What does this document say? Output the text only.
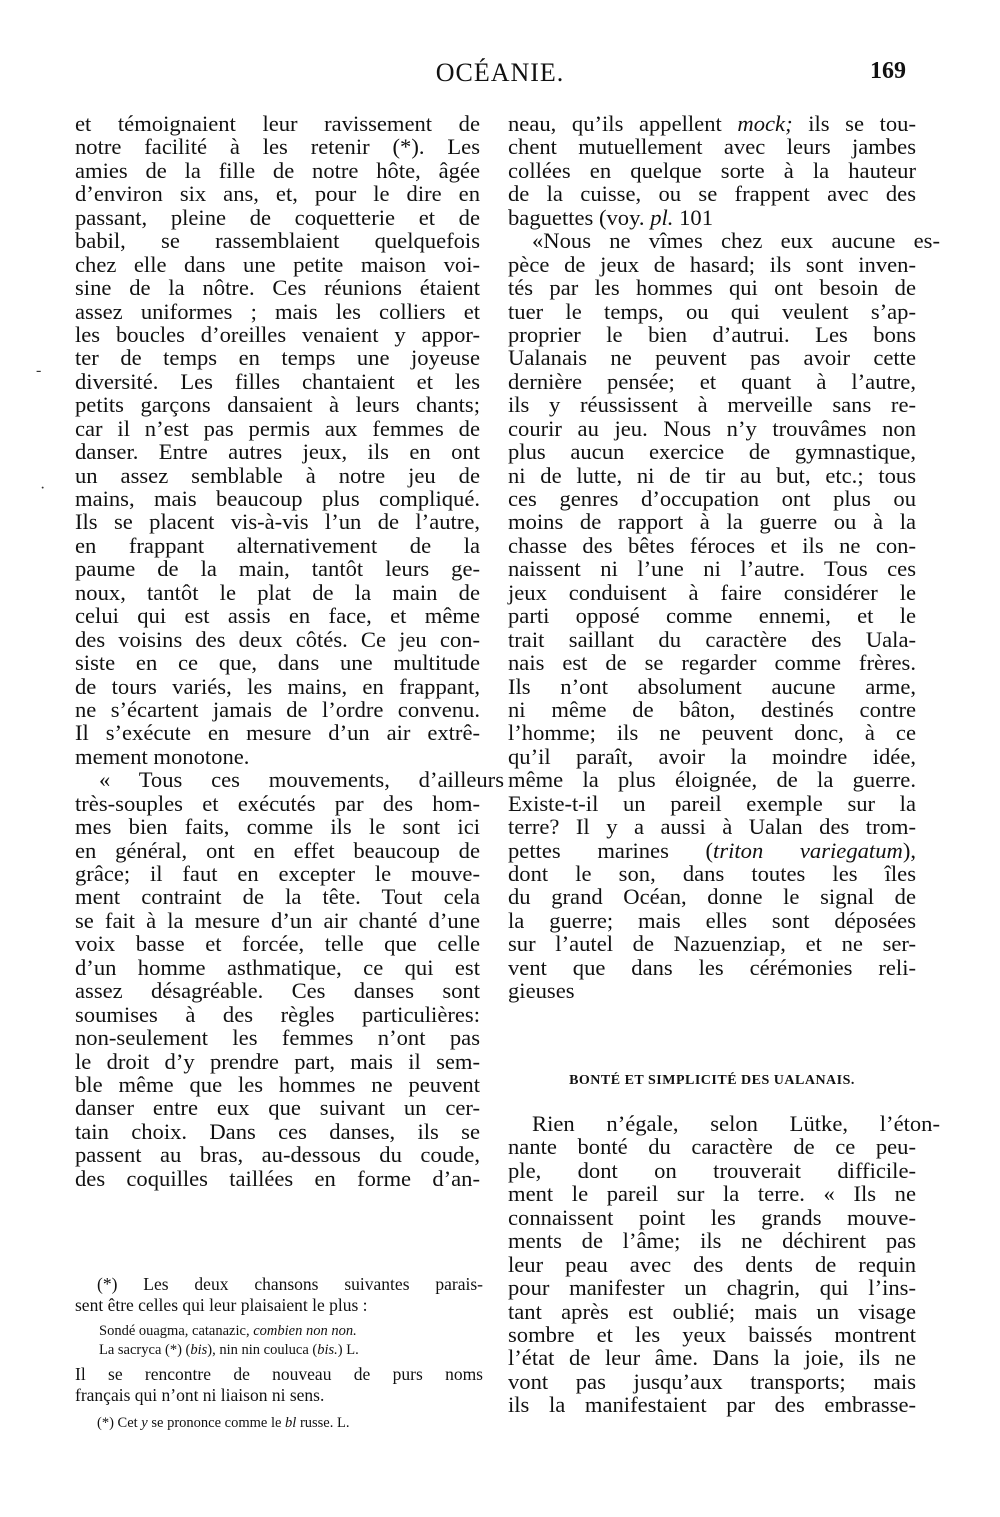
OCÉANIE.	169
-
·
et témoignaient leur ravissement de
notre facilité à les retenir (*). Les
amies de la fille de notre hôte, âgée
d’environ six ans, et, pour le dire en
passant, pleine de coquetterie et de
babil, se rassemblaient quelquefois
chez elle dans une petite maison voi-
sine de la nôtre. Ces réunions étaient
assez uniformes ; mais les colliers et
les boucles d’oreilles venaient y appor-
ter de temps en temps une joyeuse
diversité. Les filles chantaient et les
petits garçons dansaient à leurs chants;
car il n’est pas permis aux femmes de
danser. Entre autres jeux, ils en ont
un assez semblable à notre jeu de
mains, mais beaucoup plus compliqué.
Ils se placent vis-à-vis l’un de l’autre,
en frappant alternativement de la
paume de la main, tantôt leurs ge-
noux, tantôt le plat de la main de
celui qui est assis en face, et même
des voisins des deux côtés. Ce jeu con-
siste en ce que, dans une multitude
de tours variés, les mains, en frappant,
ne s’écartent jamais de l’ordre convenu.
Il s’exécute en mesure d’un air extrê-
mement monotone.
« Tous ces mouvements, d’ailleurs
très-souples et exécutés par des hom-
mes bien faits, comme ils le sont ici
en général, ont en effet beaucoup de
grâce; il faut en excepter le mouve-
ment contraint de la tête. Tout cela
se fait à la mesure d’un air chanté d’une
voix basse et forcée, telle que celle
d’un homme asthmatique, ce qui est
assez désagréable. Ces danses sont
soumises à des règles particulières:
non-seulement les femmes n’ont pas
le droit d’y prendre part, mais il sem-
ble même que les hommes ne peuvent
danser entre eux que suivant un cer-
tain choix. Dans ces danses, ils se
passent au bras, au-dessous du coude,
des coquilles taillées en forme d’an-
(*) Les deux chansons suivantes parais-
sent être celles qui leur plaisaient le plus :
Sondé ouagma, catanazic, combien non non.
La sacryca (*) (bis), nin nin couluca (bis.) L.
Il se rencontre de nouveau de purs noms
français qui n’ont ni liaison ni sens.
(*) Cet y se prononce comme le bl russe. L.
neau, qu’ils appellent mock; ils se tou-
chent mutuellement avec leurs jambes
collées en quelque sorte à la hauteur
de la cuisse, ou se frappent avec des
baguettes (voy. pl. 101
«Nous ne vîmes chez eux aucune es-
pèce de jeux de hasard; ils sont inven-
tés par les hommes qui ont besoin de
tuer le temps, ou qui veulent s’ap-
proprier le bien d’autrui. Les bons
Ualanais ne peuvent pas avoir cette
dernière pensée; et quant à l’autre,
ils y réussissent à merveille sans re-
courir au jeu. Nous n’y trouvâmes non
plus aucun exercice de gymnastique,
ni de lutte, ni de tir au but, etc.; tous
ces genres d’occupation ont plus ou
moins de rapport à la guerre ou à la
chasse des bêtes féroces et ils ne con-
naissent ni l’une ni l’autre. Tous ces
jeux conduisent à faire considérer le
parti opposé comme ennemi, et le
trait saillant du caractère des Uala-
nais est de se regarder comme frères.
Ils n’ont absolument aucune arme,
ni même de bâton, destinés contre
l’homme; ils ne peuvent donc, à ce
qu’il paraît, avoir la moindre idée,
même la plus éloignée, de la guerre.
Existe-t-il un pareil exemple sur la
terre? Il y a aussi à Ualan des trom-
pettes marines (triton variegatum),
dont le son, dans toutes les îles
du grand Océan, donne le signal de
la guerre; mais elles sont déposées
sur l’autel de Nazuenziap, et ne ser-
vent que dans les cérémonies reli-
gieuses
BONTÉ ET SIMPLICITÉ DES UALANAIS.
Rien n’égale, selon Lütke, l’éton-
nante bonté du caractère de ce peu-
ple, dont on trouverait difficile-
ment le pareil sur la terre. « Ils ne
connaissent point les grands mouve-
ments de l’âme; ils ne déchirent pas
leur peau avec des dents de requin
pour manifester un chagrin, qui l’ins-
tant après est oublié; mais un visage
sombre et les yeux baissés montrent
l’état de leur âme. Dans la joie, ils ne
vont pas jusqu’aux transports; mais
ils la manifestaient par des embrasse-
